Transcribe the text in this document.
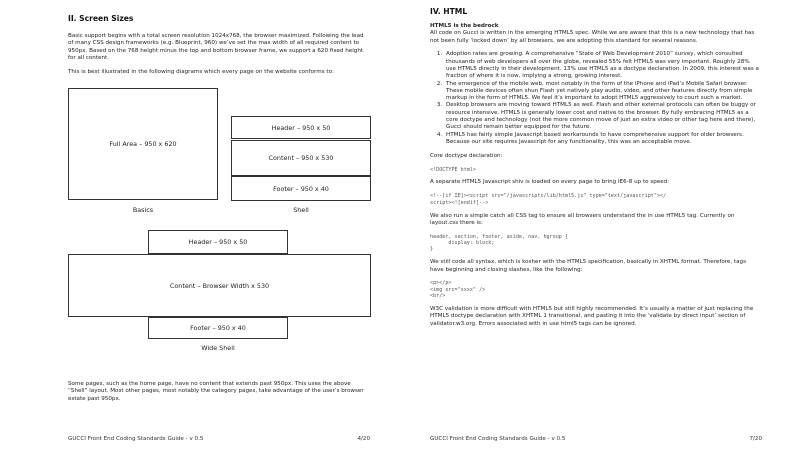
II. Screen Sizes

Basic support begins with a total screen resolution 1024x768, the browser maximized. Following the lead of many CSS design frameworks (e.g. Blueprint, 960) we’ve set the max width of all required content to 950px. Based on the 768 height minus the top and bottom browser frame, we support a 620 fixed height for all content.

This is best illustrated in the following diagrams which every page on the website conforms to:

Full Area – 950 x 620
Basics
Header – 950 x 50
Content – 950 x 530
Footer – 950 x 40
Shell
Header – 950 x 50
Content – Browser Width x 530
Footer – 950 x 40
Wide Shell
Some pages, such as the home page, have no content that extends past 950px. This uses the above “Shell” layout. Most other pages, most notably the category pages, take advantage of the user’s browser estate past 950px.
GUCCI Front End Coding Standards Guide - v 0.5	4/20
IV. HTML
HTML5 is the bedrock

All code on Gucci is written in the emerging HTML5 spec. While we are aware that this is a new technology that has not been fully ‘locked down’ by all browsers, we are adopting this standard for several reasons.

1. Adoption rates are growing. A comprehensive “State of Web Development 2010” survey, which consulted thousands of web developers all over the globe, revealed 55% felt HTML5 was very important. Roughly 28% use HTML5 directly in their development. 13% use HTML5 as a doctype declaration. In 2009, this interest was a fraction of where it is now, implying a strong, growing interest.
2. The emergence of the mobile web, most notably in the form of the iPhone and iPad’s Mobile Safari browser. These mobile devices often shun Flash yet natively play audio, video, and other features directly from simple markup in the form of HTML5. We feel it’s important to adopt HTML5 aggressively to court such a market.
3. Desktop browsers are moving toward HTML5 as well. Flash and other external protocols can often be buggy or resource intensive. HTML5 is generally lower cost and native to the browser. By fully embracing HTML5 as a core doctype and technology (not the more common move of just an extra video or other tag here and there), Gucci should remain better equipped for the future.
4. HTML5 has fairly simple Javascript based workarounds to have comprehensive support for older browsers. Because our site requires Javascript for any functionality, this was an acceptable move.

Core doctype declaration:

<!DOCTYPE html>

A separate HTML5 Javascript shiv is loaded on every page to bring IE6-8 up to speed:

<!--[if IE]><script src="/javascripts/lib/html5.js" type="text/javascript"></
script><![endif]-->

We also run a simple catch all CSS tag to ensure all browsers understand the in use HTML5 tag. Currently on layout.css there is:

header, section, footer, aside, nav, hgroup {
display: block;
}

We still code all syntax, which is kosher with the HTML5 specification, basically in XHTML format. Therefore, tags have beginning and closing slashes, like the following:

<p></p>
<img src="xxxx" />
<br/>

W3C validation is more difficult with HTML5 but still highly recommended. It’s usually a matter of just replacing the HTML5 doctype declaration with XHTML 1 transitional, and pasting it into the ‘validate by direct input’ section of validator.w3.org. Errors associated with in use html5 tags can be ignored.

GUCCI Front End Coding Standards Guide - v 0.5	7/20
